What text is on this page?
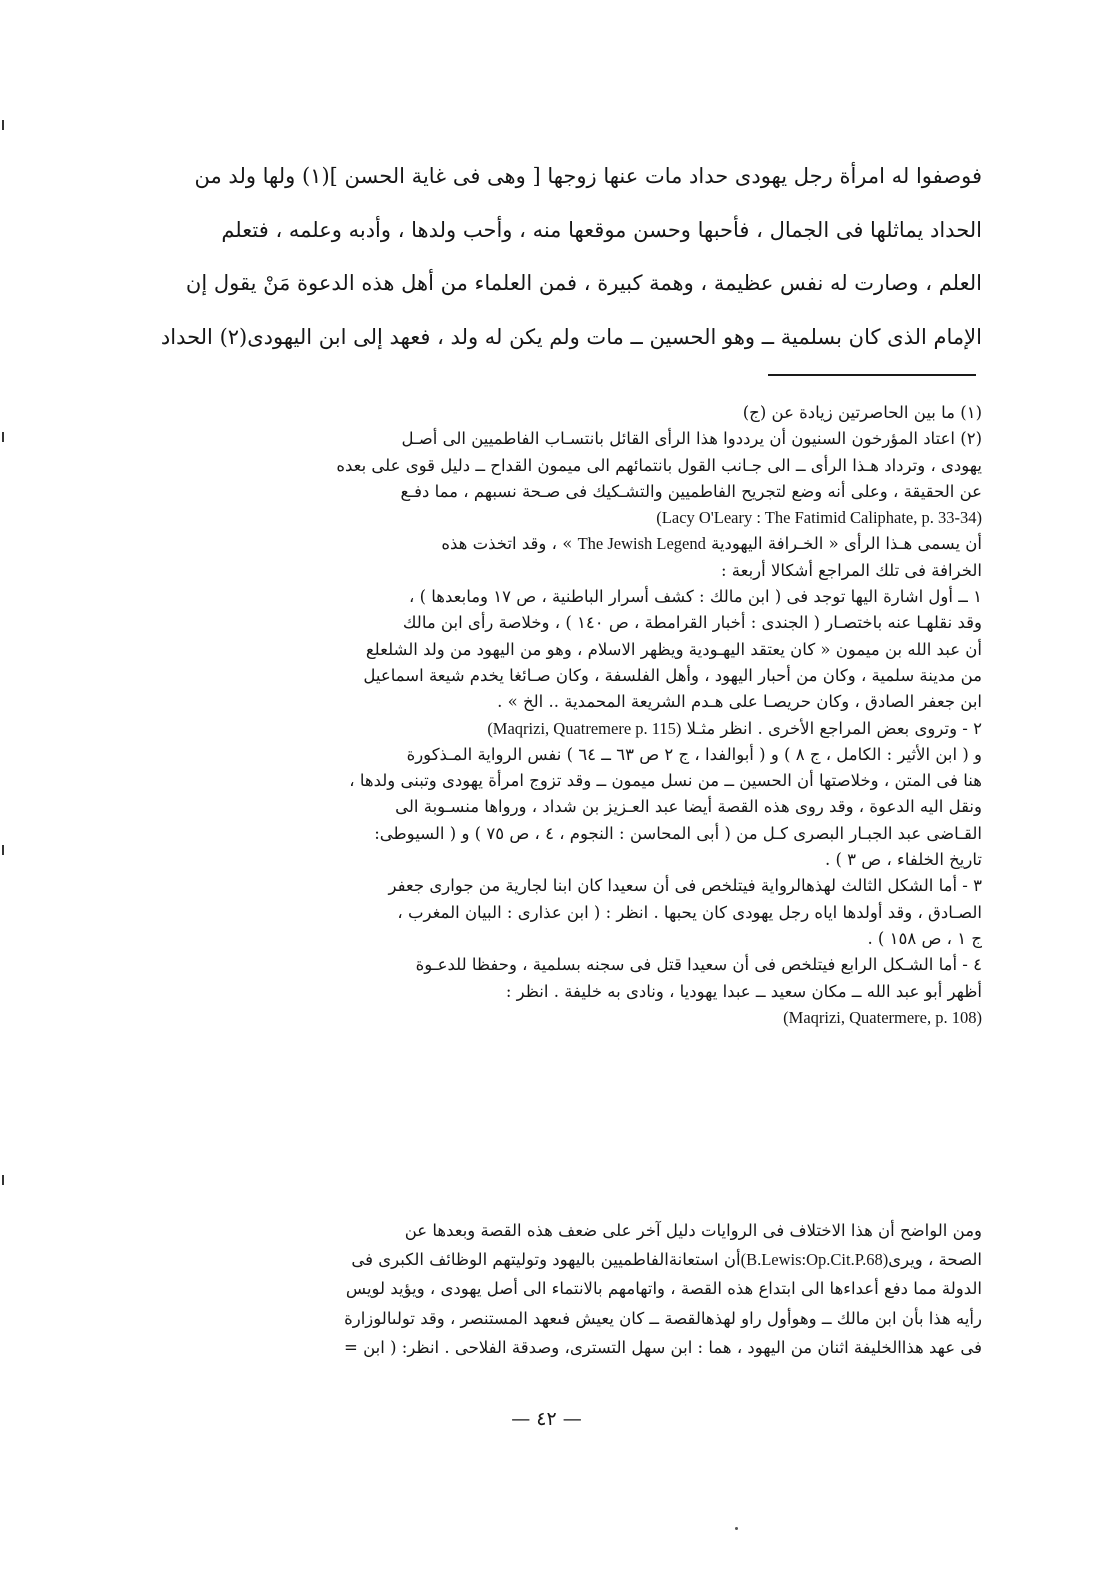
فوصفوا له امرأة رجل يهودى حداد مات عنها زوجها [ وهى فى غاية الحسن ](١) ولها ولد من

الحداد يماثلها فى الجمال ، فأحبها وحسن موقعها منه ، وأحب ولدها ، وأدبه وعلمه ، فتعلم

العلم ، وصارت له نفس عظيمة ، وهمة كبيرة ، فمن العلماء من أهل هذه الدعوة مَنْ يقول إن

الإمام الذى كان بسلمية ــ وهو الحسين ــ مات ولم يكن له ولد ، فعهد إلى ابن اليهودى(٢) الحداد

(١) ما بين الحاصرتين زيادة عن (ج)

(٢) اعتاد المؤرخون السنيون أن يرددوا هذا الرأى القائل بانتسـاب الفاطميين الى أصـل

يهودى ، وترداد هـذا الرأى ــ الى جـانب القول بانتمائهم الى ميمون القداح ــ دليل قوى على بعده

عن الحقيقة ، وعلى أنه وضع لتجريح الفاطميين والتشـكيك فى صـحة نسبهم ، مما دفـع

(Lacy O'Leary : The Fatimid Caliphate, p. 33-34)

أن يسمى هـذا الرأى « الخـرافة اليهودية The Jewish Legend » ، وقد اتخذت هذه

الخرافة فى تلك المراجع أشكالا أربعة :

١ ــ أول اشارة اليها توجد فى ( ابن مالك : كشف أسرار الباطنية ، ص ١٧ ومابعدها ) ،

وقد نقلهـا عنه باختصـار ( الجندى : أخبار القرامطة ، ص ١٤٠ ) ، وخلاصة رأى ابن مالك

أن عبد الله بن ميمون « كان يعتقد اليهـودية ويظهر الاسلام ، وهو من اليهود من ولد الشلعلع

من مدينة سلمية ، وكان من أحبار اليهود ، وأهل الفلسفة ، وكان صـائغا يخدم شيعة اسماعيل

ابن جعفر الصادق ، وكان حريصـا على هـدم الشريعة المحمدية .. الخ » .

٢ - وتروى بعض المراجع الأخرى . انظر مثـلا (Maqrizi, Quatremere p. 115)

و ( ابن الأثير : الكامل ، ج ٨ ) و ( أبوالفدا ، ج ٢ ص ٦٣ ــ ٦٤ ) نفس الرواية المـذكورة

هنا فى المتن ، وخلاصتها أن الحسين ــ من نسل ميمون ــ وقد تزوج امرأة يهودى وتبنى ولدها ،

ونقل اليه الدعوة ، وقد روى هذه القصة أيضا عبد العـزيز بن شداد ، ورواها منسـوبة الى

القـاضى عبد الجبـار البصرى كـل من ( أبى المحاسن : النجوم ، ٤ ، ص ٧٥ ) و ( السيوطى:

تاريخ الخلفاء ، ص ٣ ) .

٣ - أما الشكل الثالث لهذهالرواية فيتلخص فى أن سعيدا كان ابنا لجارية من جوارى جعفر

الصـادق ، وقد أولدها اياه رجل يهودى كان يحبها . انظر : ( ابن عذارى : البيان المغرب ،

ج ١ ، ص ١٥٨ ) .

٤ - أما الشـكل الرابع فيتلخص فى أن سعيدا قتل فى سجنه بسلمية ، وحفظا للدعـوة

أظهر أبو عبد الله ــ مكان سعيد ــ عبدا يهوديا ، ونادى به خليفة . انظر :

(Maqrizi, Quatermere, p. 108)

ومن الواضح أن هذا الاختلاف فى الروايات دليل آخر على ضعف هذه القصة وبعدها عن

الصحة ، ويرى(B.Lewis:Op.Cit.P.68)أن استعانةالفاطميين باليهود وتوليتهم الوظائف الكبرى فى

الدولة مما دفع أعداءها الى ابتداع هذه القصة ، واتهامهم بالانتماء الى أصل يهودى ، ويؤيد لويس

رأيه هذا بأن ابن مالك ــ وهوأول راو لهذهالقصة ــ كان يعيش فىعهد المستنصر ، وقد تولىالوزارة

فى عهد هذاالخليفة اثنان من اليهود ، هما : ابن سهل التسترى، وصدقة الفلاحى . انظر: ( ابن =

— ٤٢ —
